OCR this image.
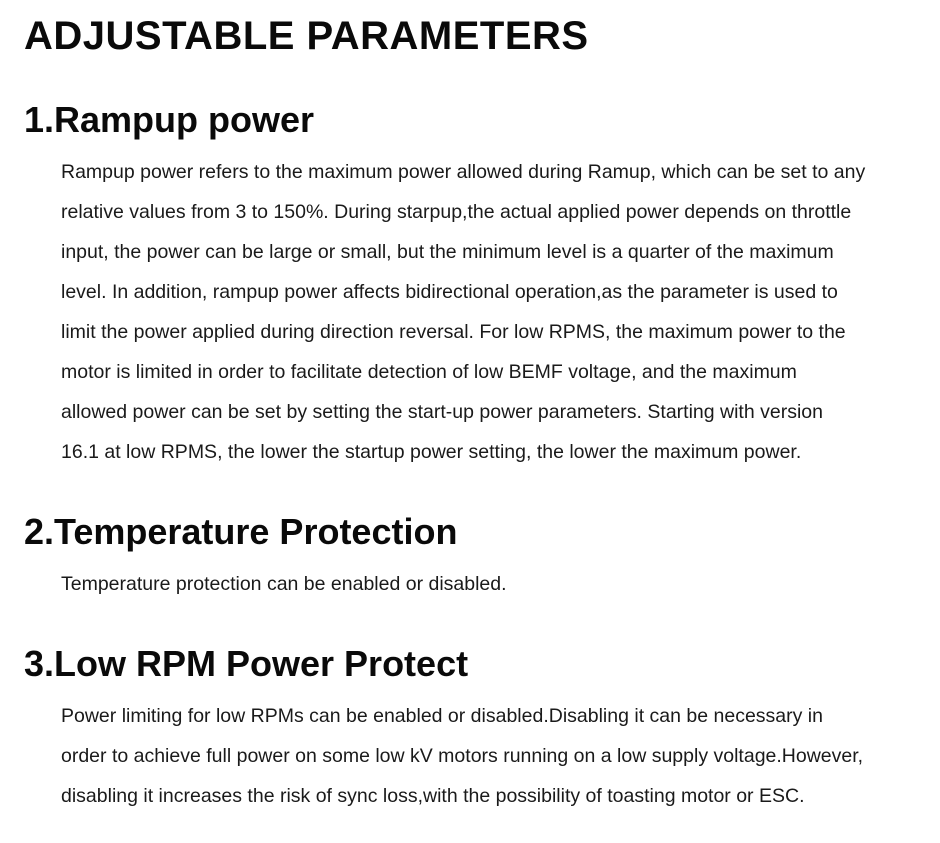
ADJUSTABLE PARAMETERS
1.Rampup power
Rampup power refers to the maximum power allowed during Ramup, which can be set to any
relative values from 3 to 150%. During starpup,the actual applied power depends on throttle
input, the power can be large or small, but the minimum level is a quarter of the maximum
level. In addition, rampup power affects bidirectional operation,as the parameter is used to
limit the power applied during direction reversal. For low RPMS, the maximum power to the
motor is limited in order to facilitate detection of low BEMF voltage, and the maximum
allowed power can be set by setting the start-up power parameters. Starting with version
16.1 at low RPMS, the lower the startup power setting, the lower the maximum power.
2.Temperature Protection
Temperature protection can be enabled or disabled.
3.Low RPM Power Protect
Power limiting for low RPMs can be enabled or disabled.Disabling it can be necessary in
order to achieve full power on some low kV motors running on a low supply voltage.However,
disabling it increases the risk of sync loss,with the possibility of toasting motor or ESC.
